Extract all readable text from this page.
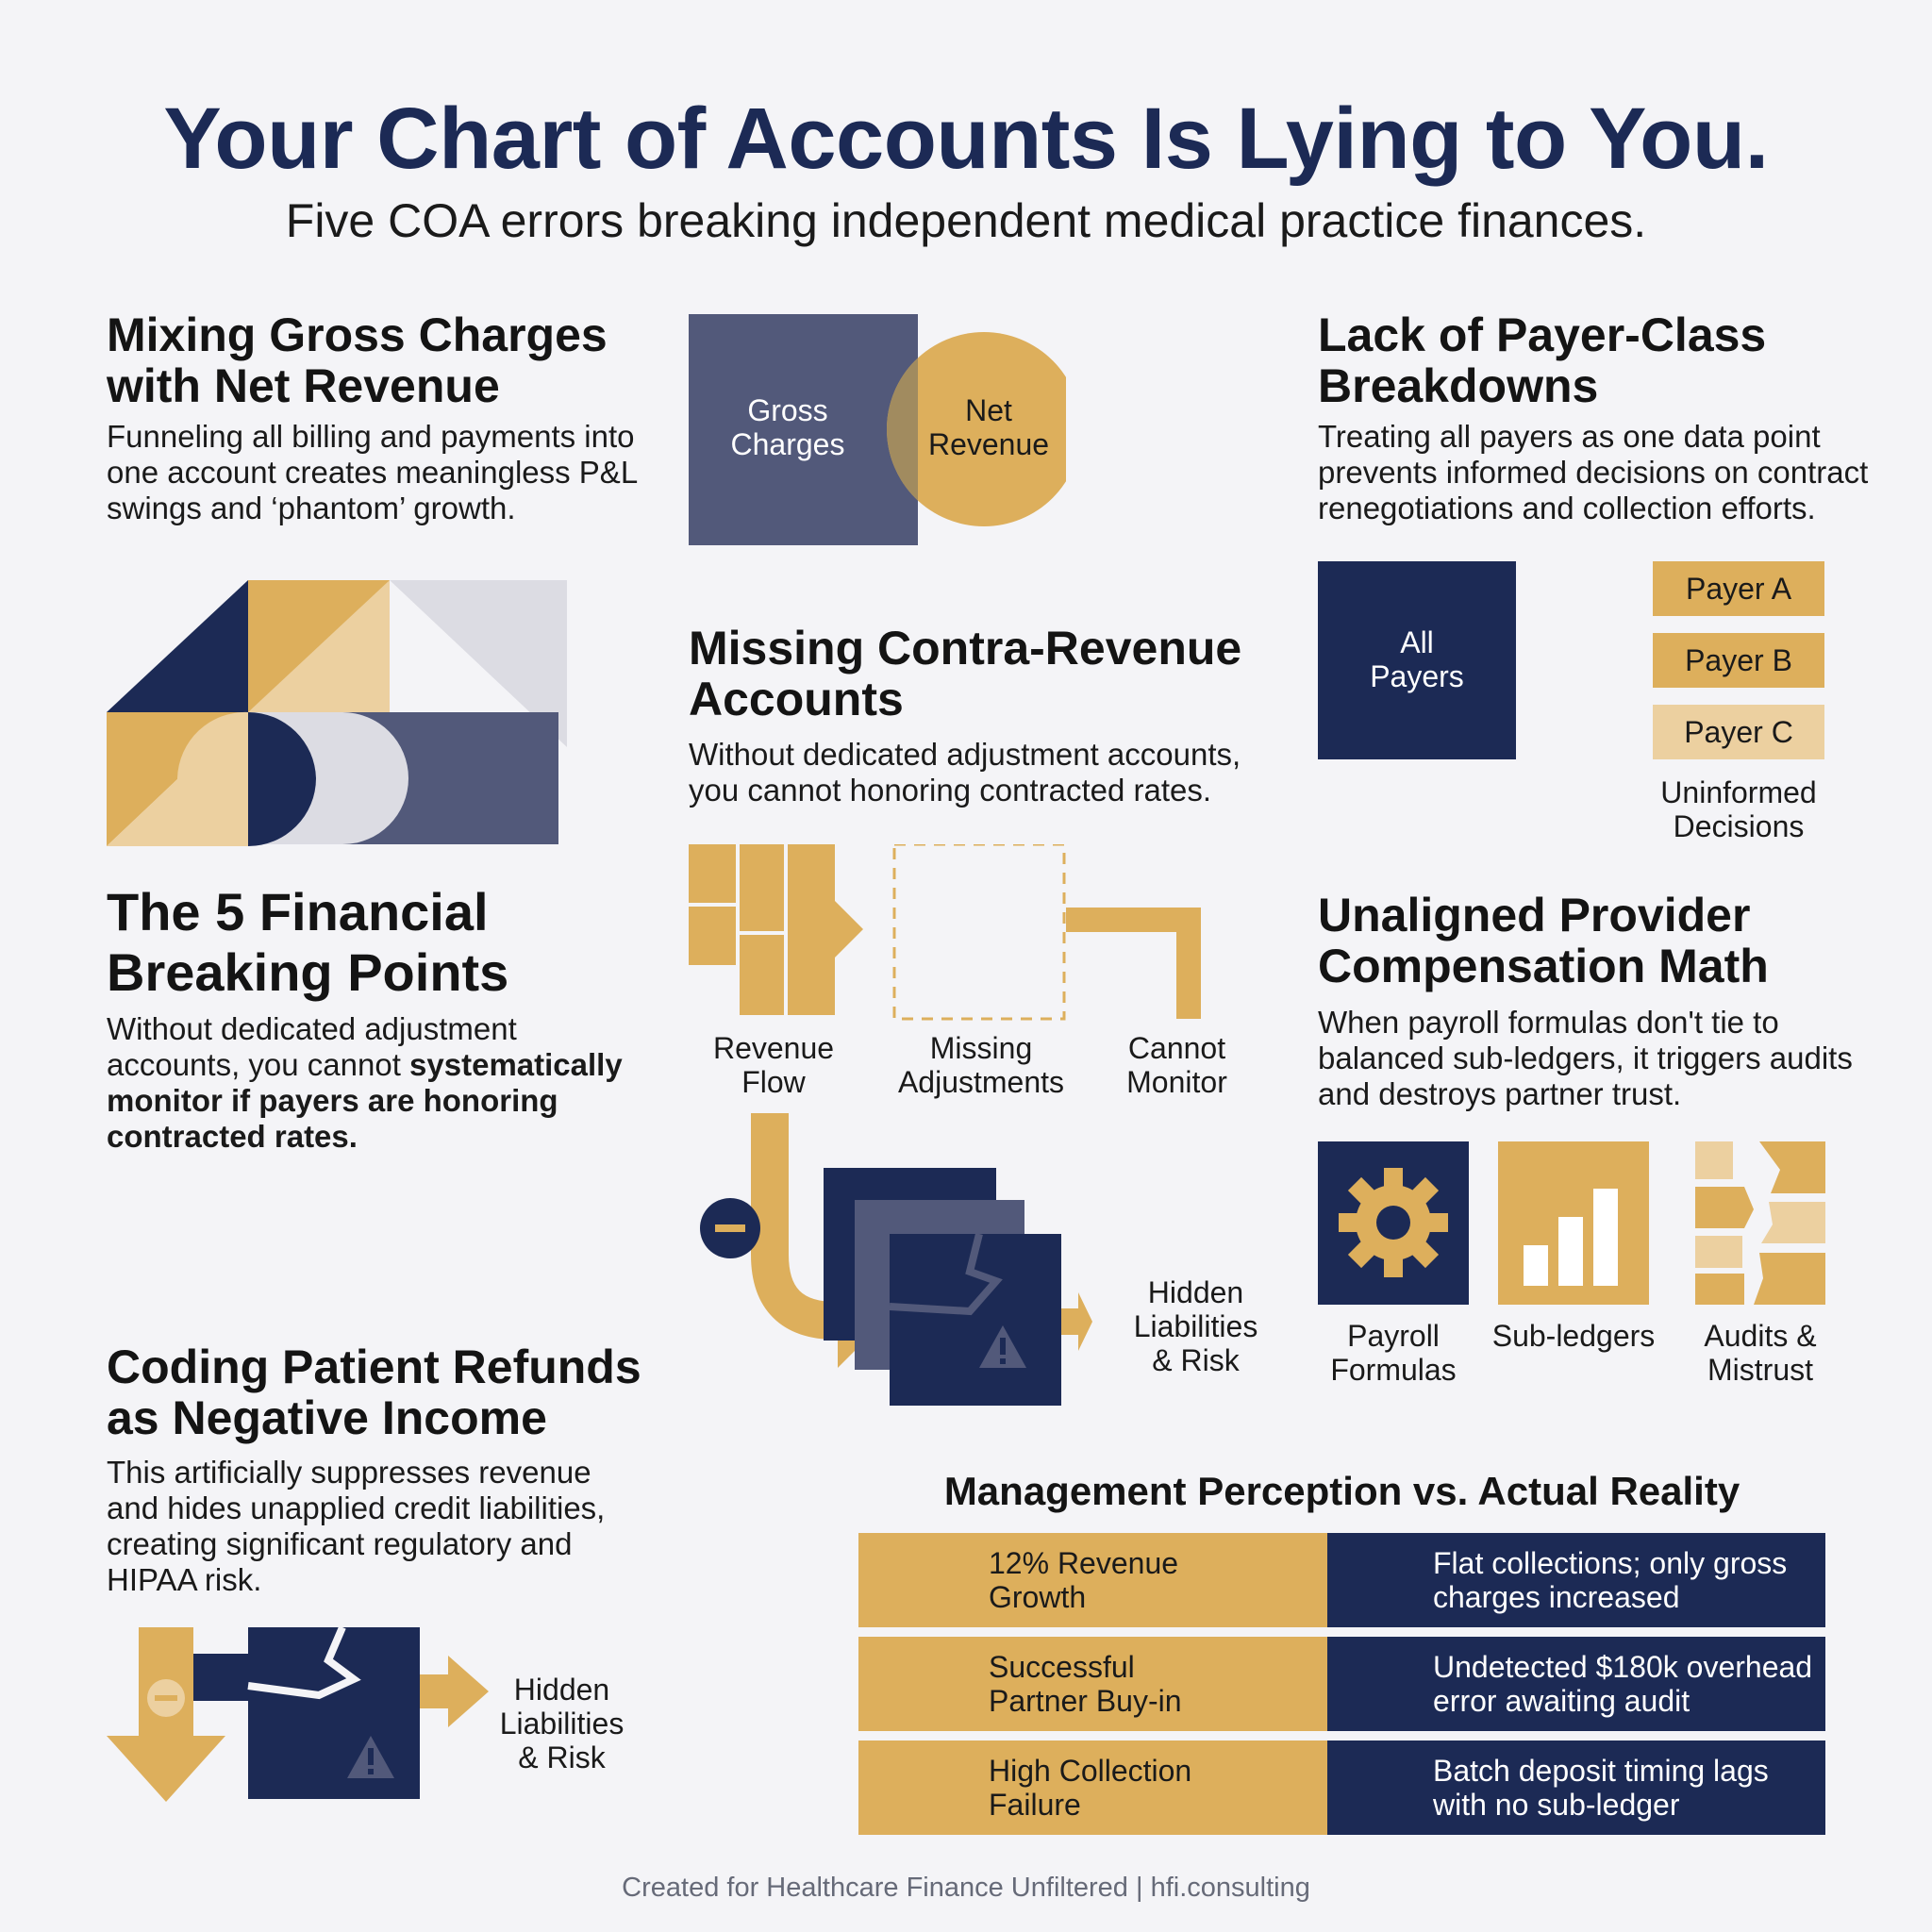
Your Chart of Accounts Is Lying to You.
Five COA errors breaking independent medical practice finances.
Mixing Gross Charges
with Net Revenue
Funneling all billing and payments into one account creates meaningless P&L swings and ‘phantom’ growth.
Gross
Charges
Net
Revenue
The 5 Financial
Breaking Points
Without dedicated adjustment accounts, you cannot systematically monitor if payers are honoring contracted rates.
Missing Contra-Revenue
Accounts
Without dedicated adjustment accounts, you cannot honoring contracted rates.
Revenue
Flow
Missing
Adjustments
Cannot
Monitor
Hidden
Liabilities
& Risk
Lack of Payer-Class
Breakdowns
Treating all payers as one data point prevents informed decisions on contract renegotiations and collection efforts.
All
Payers
Payer A
Payer B
Payer C
Uninformed
Decisions
Unaligned Provider
Compensation Math
When payroll formulas don't tie to balanced sub-ledgers, it triggers audits and destroys partner trust.
Payroll
Formulas
Sub-ledgers	Audits &
Mistrust
Coding Patient Refunds
as Negative Income
This artificially suppresses revenue and hides unapplied credit liabilities, creating significant regulatory and HIPAA risk.
Hidden
Liabilities
& Risk
Management Perception vs. Actual Reality
12% Revenue
Growth
Flat collections; only gross
charges increased
Successful
Partner Buy-in
Undetected $180k overhead
error awaiting audit
High Collection
Failure
Batch deposit timing lags
with no sub-ledger
Created for Healthcare Finance Unfiltered | hfi.consulting
